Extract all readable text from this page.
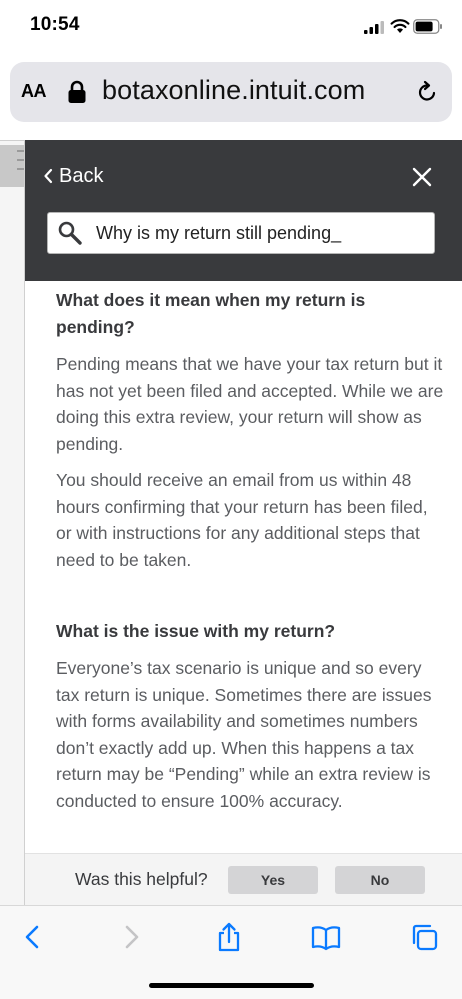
10:54
AA botaxonline.intuit.com
Back
Why is my return still pending_
What does it mean when my return is pending?

Pending means that we have your tax return but it has not yet been filed and accepted. While we are doing this extra review, your return will show as pending.

You should receive an email from us within 48 hours confirming that your return has been filed, or with instructions for any additional steps that need to be taken.

What is the issue with my return?

Everyone’s tax scenario is unique and so every tax return is unique. Sometimes there are issues with forms availability and sometimes numbers don’t exactly add up. When this happens a tax return may be “Pending” while an extra review is conducted to ensure 100% accuracy.

Was this helpful?	Yes	No
